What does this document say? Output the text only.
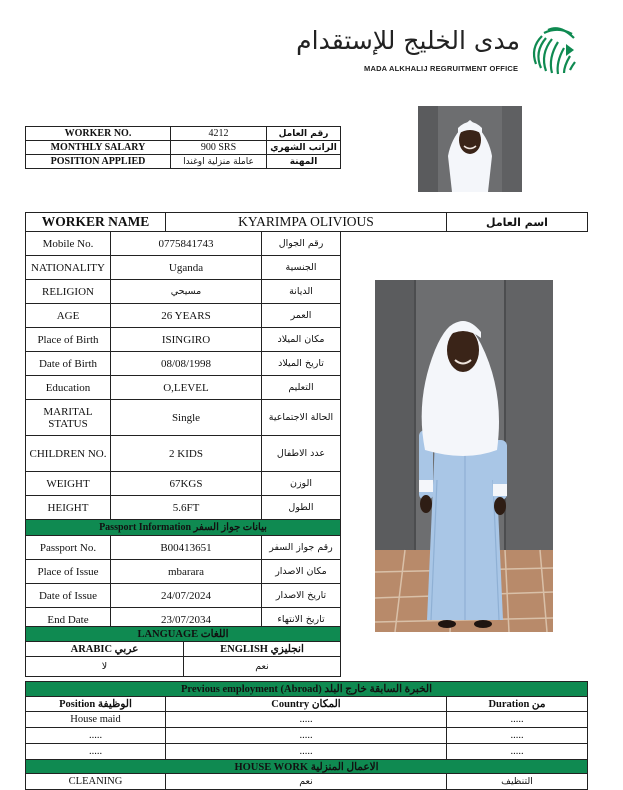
مدى الخليج للإستقدام
MADA ALKHALIJ REGRUITMENT OFFICE
WORKER NO.	4212	رقم العامل
MONTHLY SALARY	900 SRS	الراتب الشهري
POSITION APPLIED	عاملة منزلية اوغندا	المهنة
WORKER NAME	KYARIMPA OLIVIOUS	اسم العامل
Mobile No.	0775841743	رقم الجوال
NATIONALITY	Uganda	الجنسية
RELIGION	مسيحي	الديانة
AGE	26 YEARS	العمر
Place of Birth	ISINGIRO	مكان الميلاد
Date of Birth	08/08/1998	تاريخ الميلاد
Education	O,LEVEL	التعليم
MARITAL STATUS	Single	الحالة الاجتماعية
CHILDREN NO.	2 KIDS	عدد الاطفال
WEIGHT	67KGS	الوزن
HEIGHT	5.6FT	الطول
Passport Information بيانات جواز السفر		
Passport No.	B00413651	رقم جواز السفر
Place of Issue	mbarara	مكان الاصدار
Date of Issue	24/07/2024	تاريخ الاصدار
End Date	23/07/2034	تاريخ الانتهاء
LANGUAGE اللغات	
ARABIC عربي	ENGLISH انجليزي
لا	نعم
Previous employment (Abroad) الخبرة السابقة خارج البلد		
Position الوظيفة	Country المكان	Duration من
House maid	.....	.....
.....	.....	.....
.....	.....	.....
HOUSE WORK الاعمال المنزلية		
CLEANING	نعم	التنظيف
